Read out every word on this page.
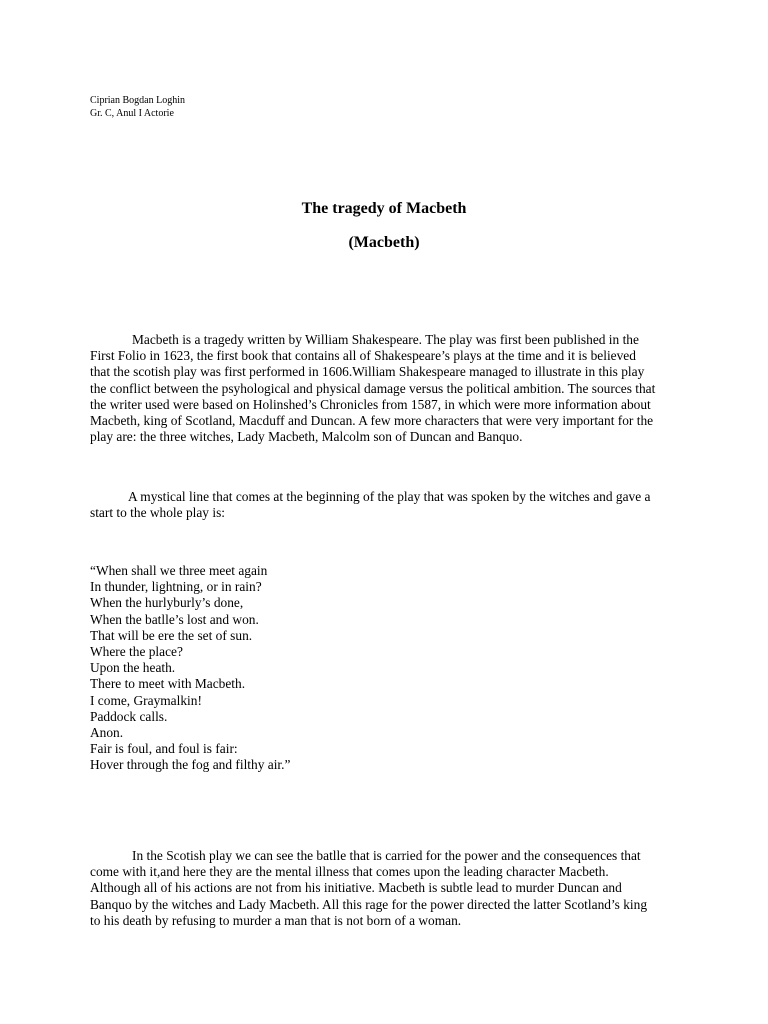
Ciprian Bogdan Loghin
Gr. C, Anul I Actorie
The tragedy of Macbeth
(Macbeth)
Macbeth is a tragedy written by William Shakespeare. The play was first been published in the
First Folio in 1623, the first book that contains all of Shakespeare’s plays at the time and it is believed
that the scotish play was first performed in 1606.William Shakespeare managed to illustrate in this play
the conflict between the psyhological and physical damage versus the political ambition. The sources that
the writer used were based on Holinshed’s Chronicles from 1587, in which were more information about
Macbeth, king of Scotland, Macduff and Duncan. A few more characters that were very important for the
play are: the three witches, Lady Macbeth, Malcolm son of Duncan and Banquo.
A mystical line that comes at the beginning of the play that was spoken by the witches and gave a
start to the whole play is:
“When shall we three meet again
In thunder, lightning, or in rain?
When the hurlyburly’s done,
When the batlle’s lost and won.
That will be ere the set of sun.
Where the place?
Upon the heath.
There to meet with Macbeth.
I come, Graymalkin!
Paddock calls.
Anon.
Fair is foul, and foul is fair:
Hover through the fog and filthy air.”
In the Scotish play we can see the batlle that is carried for the power and the consequences that
come with it,and here they are the mental illness that comes upon the leading character Macbeth.
Although all of his actions are not from his initiative. Macbeth is subtle lead to murder Duncan and
Banquo by the witches and Lady Macbeth. All this rage for the power directed the latter Scotland’s king
to his death by refusing to murder a man that is not born of a woman.
